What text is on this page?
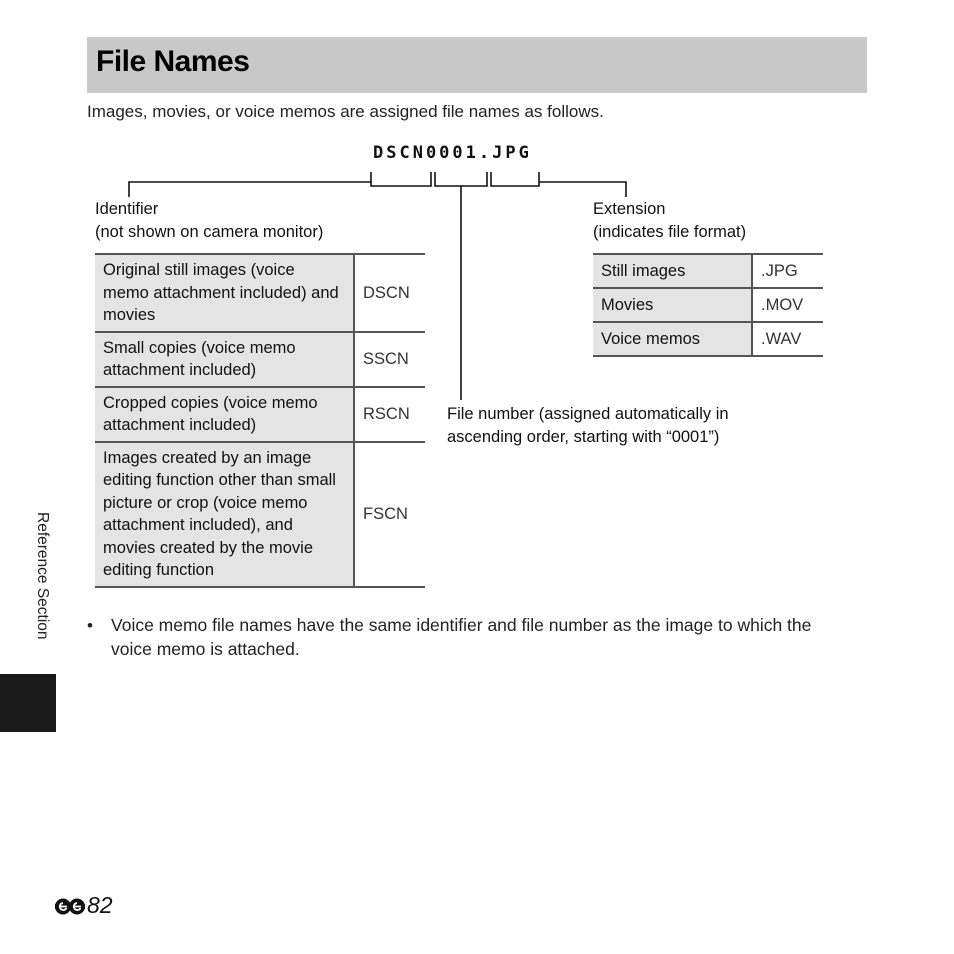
File Names
Images, movies, or voice memos are assigned file names as follows.
DSCN0001.JPG
Identifier
(not shown on camera monitor)
Extension
(indicates file format)
File number (assigned automatically in
ascending order, starting with “0001”)
Original still images (voice memo attachment included) and movies	DSCN
Small copies (voice memo attachment included)	SSCN
Cropped copies (voice memo attachment included)	RSCN
Images created by an image editing function other than small picture or crop (voice memo attachment included), and movies created by the movie editing function	FSCN
Still images	.JPG
Movies	.MOV
Voice memos	.WAV
• Voice memo file names have the same identifier and file number as the image to which the voice memo is attached.
Reference Section
82
